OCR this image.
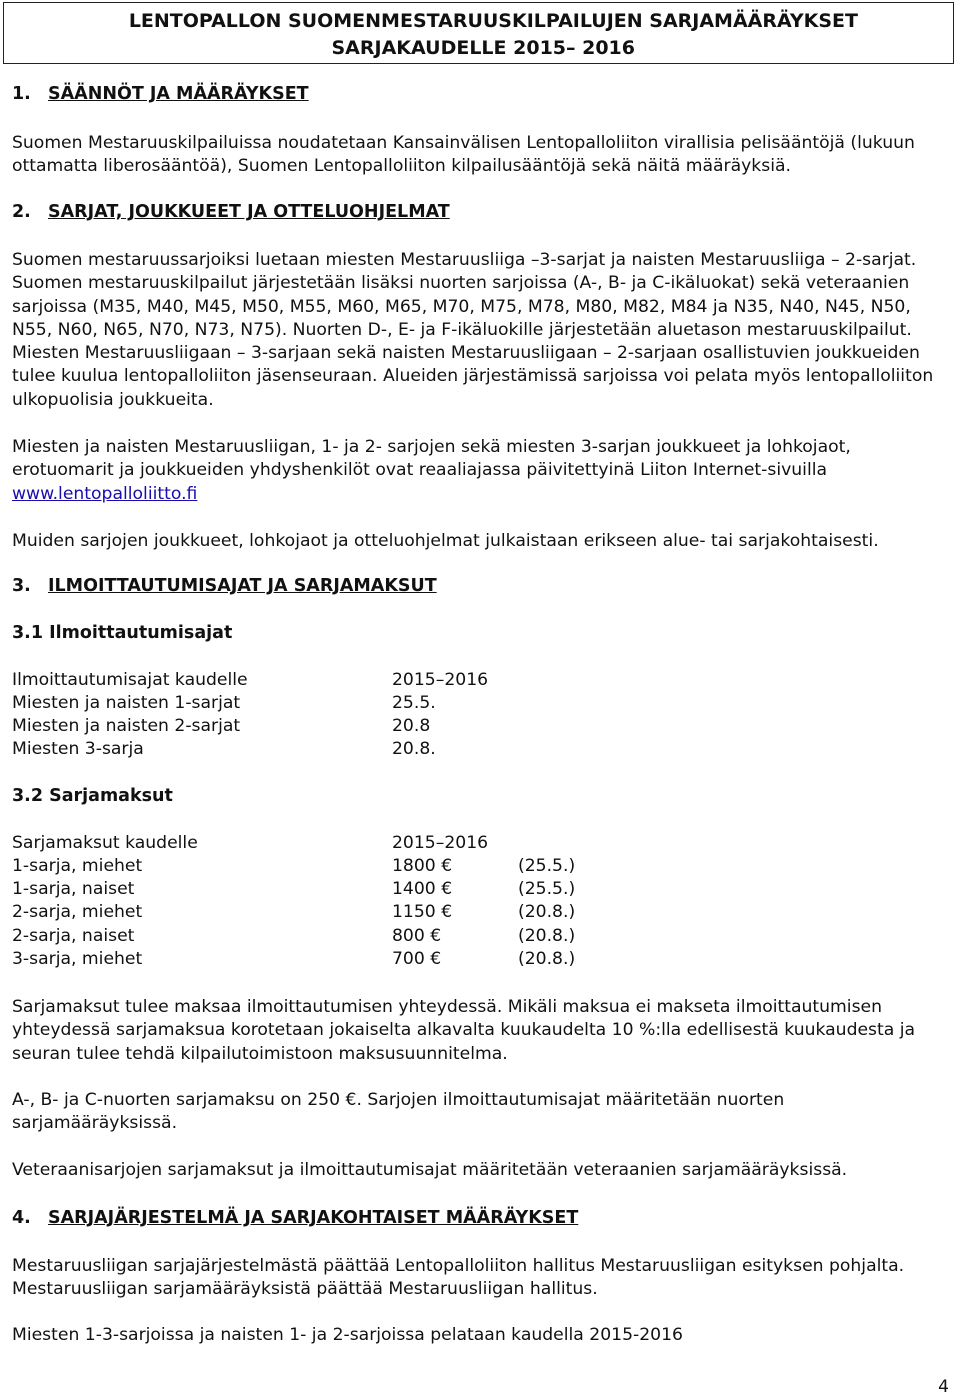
LENTOPALLON SUOMENMESTARUUSKILPAILUJEN SARJAMÄÄRÄYKSET
SARJAKAUDELLE 2015– 2016
1. SÄÄNNÖT JA MÄÄRÄYKSET
Suomen Mestaruuskilpailuissa noudatetaan Kansainvälisen Lentopalloliiton virallisia pelisääntöjä (lukuun
ottamatta liberosääntöä), Suomen Lentopalloliiton kilpailusääntöjä sekä näitä määräyksiä.
2. SARJAT, JOUKKUEET JA OTTELUOHJELMAT
Suomen mestaruussarjoiksi luetaan miesten Mestaruusliiga –3-sarjat ja naisten Mestaruusliiga – 2-sarjat.
Suomen mestaruuskilpailut järjestetään lisäksi nuorten sarjoissa (A-, B- ja C-ikäluokat) sekä veteraanien
sarjoissa (M35, M40, M45, M50, M55, M60, M65, M70, M75, M78, M80, M82, M84 ja N35, N40, N45, N50,
N55, N60, N65, N70, N73, N75). Nuorten D-, E- ja F-ikäluokille järjestetään aluetason mestaruuskilpailut.
Miesten Mestaruusliigaan – 3-sarjaan sekä naisten Mestaruusliigaan – 2-sarjaan osallistuvien joukkueiden
tulee kuulua lentopalloliiton jäsenseuraan. Alueiden järjestämissä sarjoissa voi pelata myös lentopalloliiton
ulkopuolisia joukkueita.
Miesten ja naisten Mestaruusliigan, 1- ja 2- sarjojen sekä miesten 3-sarjan joukkueet ja lohkojaot,
erotuomarit ja joukkueiden yhdyshenkilöt ovat reaaliajassa päivitettyinä Liiton Internet-sivuilla
www.lentopalloliitto.fi
Muiden sarjojen joukkueet, lohkojaot ja otteluohjelmat julkaistaan erikseen alue- tai sarjakohtaisesti.
3. ILMOITTAUTUMISAJAT JA SARJAMAKSUT
3.1 Ilmoittautumisajat
Ilmoittautumisajat kaudelle	2015–2016
Miesten ja naisten 1-sarjat	25.5.
Miesten ja naisten 2-sarjat	20.8
Miesten 3-sarja	20.8.
3.2 Sarjamaksut
Sarjamaksut kaudelle	2015–2016
1-sarja, miehet	1800 €	(25.5.)
1-sarja, naiset	1400 €	(25.5.)
2-sarja, miehet	1150 €	(20.8.)
2-sarja, naiset	800 €	(20.8.)
3-sarja, miehet	700 €	(20.8.)
Sarjamaksut tulee maksaa ilmoittautumisen yhteydessä. Mikäli maksua ei makseta ilmoittautumisen
yhteydessä sarjamaksua korotetaan jokaiselta alkavalta kuukaudelta 10 %:lla edellisestä kuukaudesta ja
seuran tulee tehdä kilpailutoimistoon maksusuunnitelma.
A-, B- ja C-nuorten sarjamaksu on 250 €. Sarjojen ilmoittautumisajat määritetään nuorten
sarjamääräyksissä.
Veteraanisarjojen sarjamaksut ja ilmoittautumisajat määritetään veteraanien sarjamääräyksissä.
4. SARJAJÄRJESTELMÄ JA SARJAKOHTAISET MÄÄRÄYKSET
Mestaruusliigan sarjajärjestelmästä päättää Lentopalloliiton hallitus Mestaruusliigan esityksen pohjalta.
Mestaruusliigan sarjamääräyksistä päättää Mestaruusliigan hallitus.
Miesten 1-3-sarjoissa ja naisten 1- ja 2-sarjoissa pelataan kaudella 2015-2016
4
